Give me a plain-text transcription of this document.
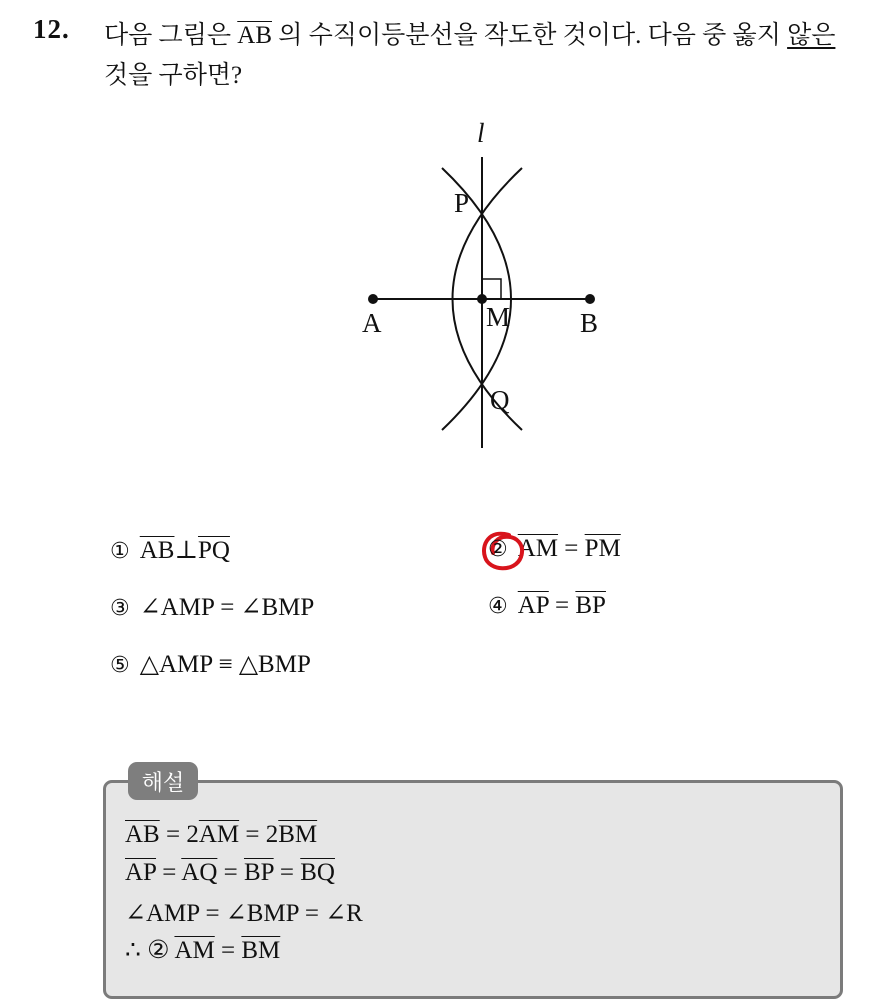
12. 다음 그림은 $\overline{AB}$ 의 수직이등분선을 작도한 것이다. 다음 중 옳지 않은
것을 구하면?
l
P
A	M	B
Q
① $\overline{AB}\perp\overline{PQ}$	② $\overline{AM} = \overline{PM}$
③ ∠AMP = ∠BMP	④ $\overline{AP} = \overline{BP}$
⑤ △AMP ≡ △BMP
해설
$\overline{AB} = 2\overline{AM} = 2\overline{BM}$
$\overline{AP} = \overline{AQ} = \overline{BP} = \overline{BQ}$
∠AMP = ∠BMP = ∠R
∴ ② $\overline{AM} = \overline{BM}$
